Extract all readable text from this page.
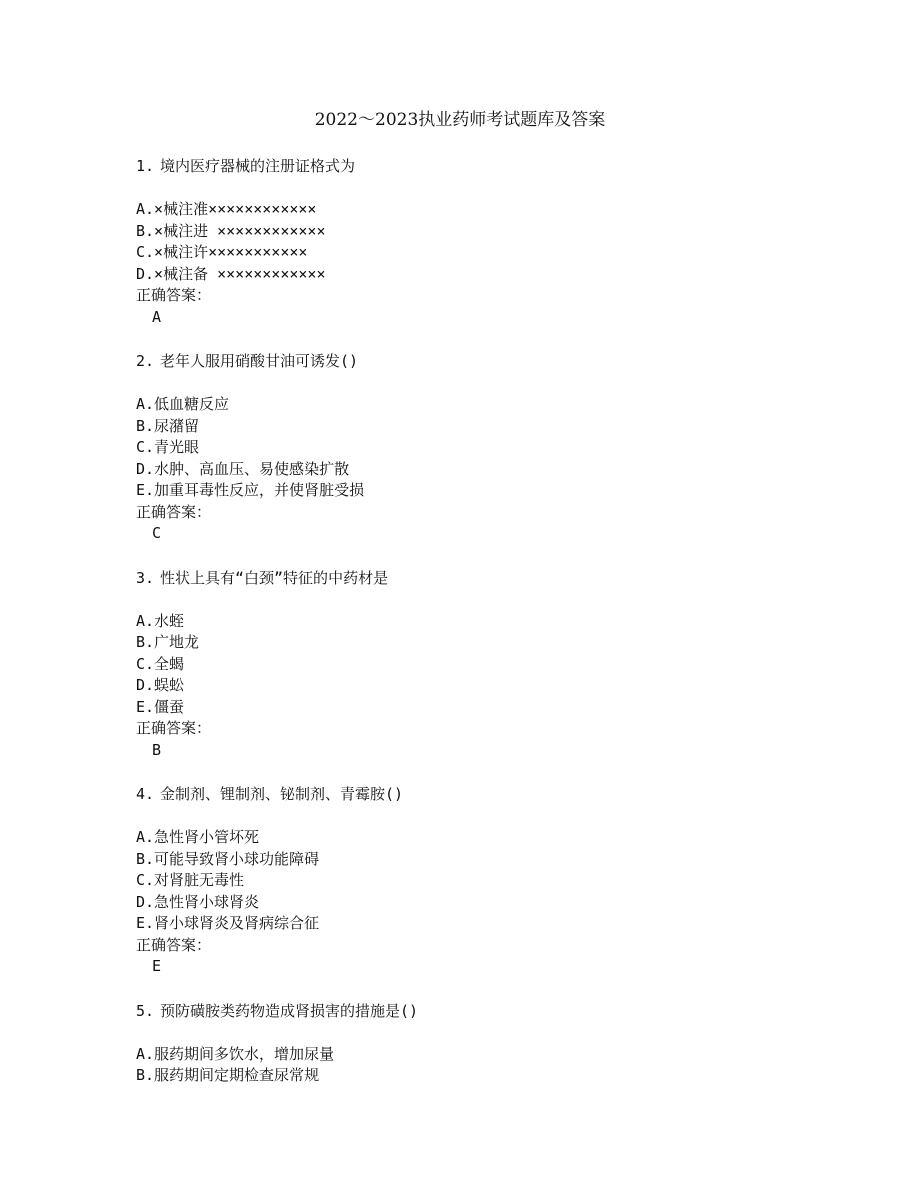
2022～2023执业药师考试题库及答案
1. 境内医疗器械的注册证格式为
A.×械注准××××××××××××
B.×械注进 ××××××××××××
C.×械注许×××××××××××
D.×械注备 ××××××××××××
正确答案：
A
2. 老年人服用硝酸甘油可诱发()
A.低血糖反应
B.尿潴留
C.青光眼
D.水肿、高血压、易使感染扩散
E.加重耳毒性反应，并使肾脏受损
正确答案：
C
3. 性状上具有“白颈”特征的中药材是
A.水蛭
B.广地龙
C.全蝎
D.蜈蚣
E.僵蚕
正确答案：
B
4. 金制剂、锂制剂、铋制剂、青霉胺()
A.急性肾小管坏死
B.可能导致肾小球功能障碍
C.对肾脏无毒性
D.急性肾小球肾炎
E.肾小球肾炎及肾病综合征
正确答案：
E
5. 预防磺胺类药物造成肾损害的措施是()
A.服药期间多饮水，增加尿量
B.服药期间定期检查尿常规
